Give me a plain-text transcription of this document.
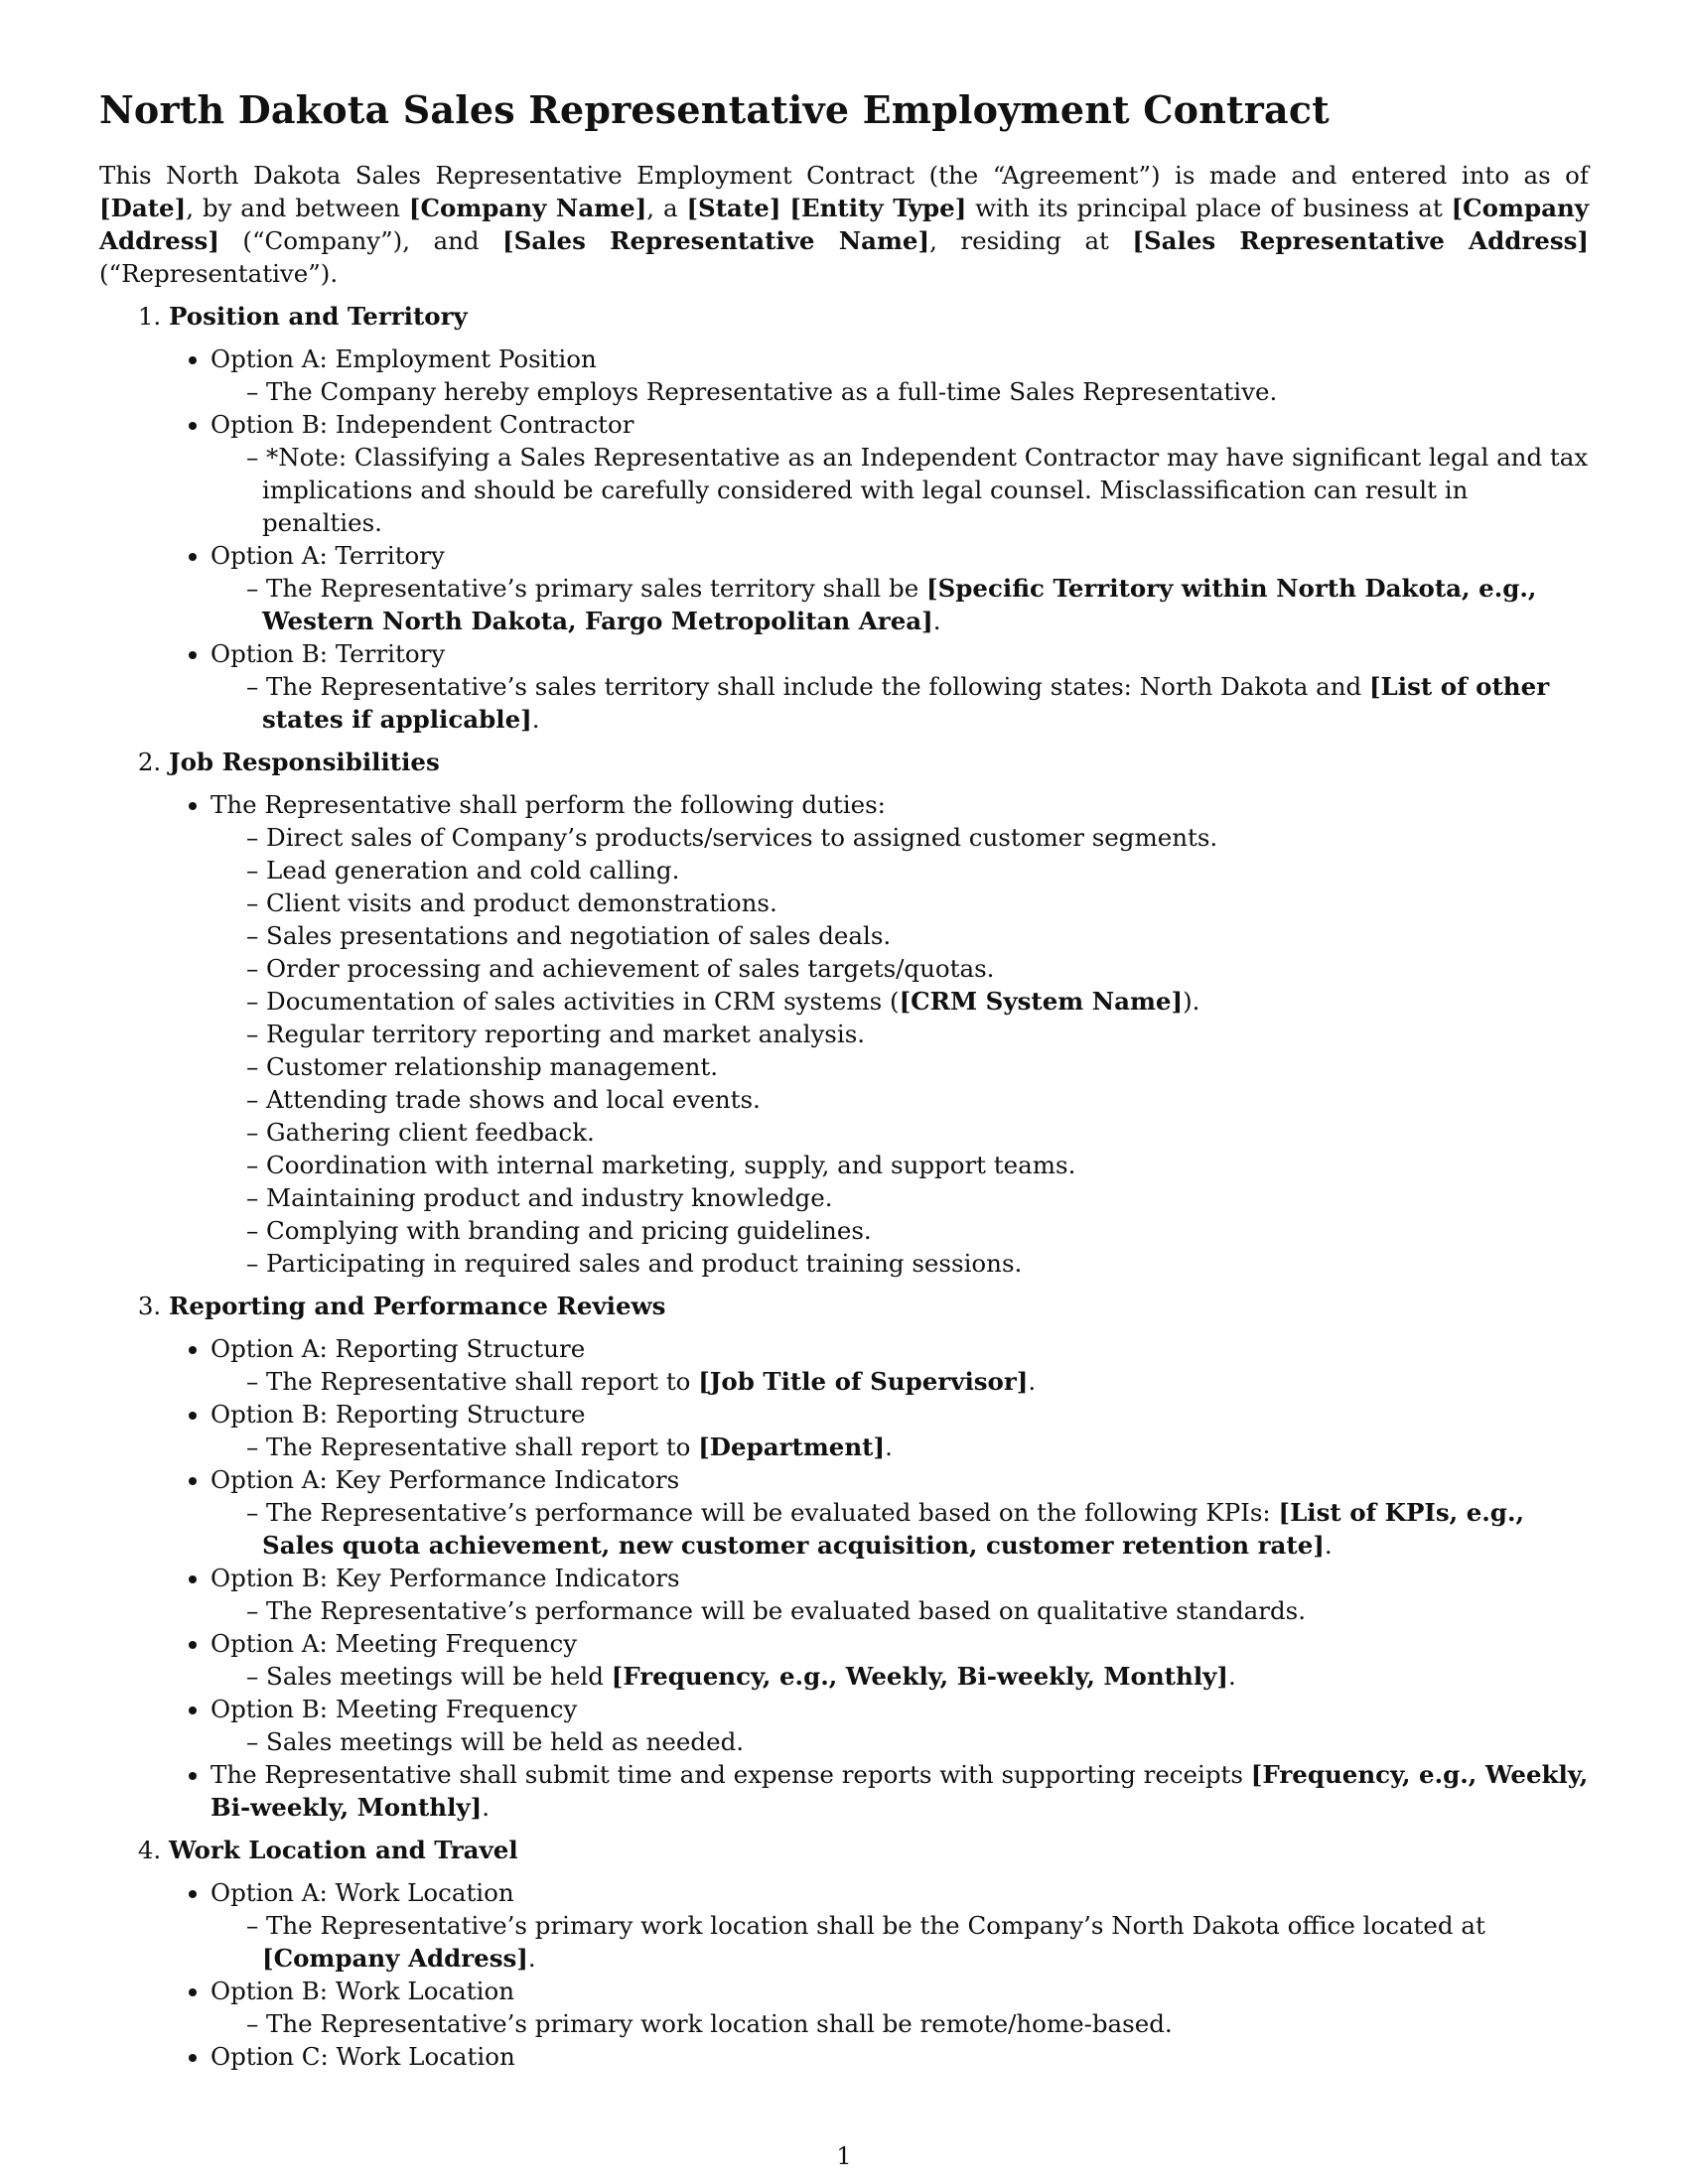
North Dakota Sales Representative Employment Contract

This North Dakota Sales Representative Employment Contract (the “Agreement”) is made and entered into as of [Date], by and between [Company Name], a [State] [Entity Type] with its principal place of business at [Company Address] (“Company”), and [Sales Representative Name], residing at [Sales Representative Address] (“Representative”).

1. Position and Territory
• Option A: Employment Position
– The Company hereby employs Representative as a full-time Sales Representative.
• Option B: Independent Contractor
– *Note: Classifying a Sales Representative as an Independent Contractor may have significant legal and tax implications and should be carefully considered with legal counsel. Misclassification can result in penalties.
• Option A: Territory
– The Representative’s primary sales territory shall be [Specific Territory within North Dakota, e.g., Western North Dakota, Fargo Metropolitan Area].
• Option B: Territory
– The Representative’s sales territory shall include the following states: North Dakota and [List of other states if applicable].
2. Job Responsibilities
• The Representative shall perform the following duties:
– Direct sales of Company’s products/services to assigned customer segments.
– Lead generation and cold calling.
– Client visits and product demonstrations.
– Sales presentations and negotiation of sales deals.
– Order processing and achievement of sales targets/quotas.
– Documentation of sales activities in CRM systems ([CRM System Name]).
– Regular territory reporting and market analysis.
– Customer relationship management.
– Attending trade shows and local events.
– Gathering client feedback.
– Coordination with internal marketing, supply, and support teams.
– Maintaining product and industry knowledge.
– Complying with branding and pricing guidelines.
– Participating in required sales and product training sessions.
3. Reporting and Performance Reviews
• Option A: Reporting Structure
– The Representative shall report to [Job Title of Supervisor].
• Option B: Reporting Structure
– The Representative shall report to [Department].
• Option A: Key Performance Indicators
– The Representative’s performance will be evaluated based on the following KPIs: [List of KPIs, e.g., Sales quota achievement, new customer acquisition, customer retention rate].
• Option B: Key Performance Indicators
– The Representative’s performance will be evaluated based on qualitative standards.
• Option A: Meeting Frequency
– Sales meetings will be held [Frequency, e.g., Weekly, Bi-weekly, Monthly].
• Option B: Meeting Frequency
– Sales meetings will be held as needed.
• The Representative shall submit time and expense reports with supporting receipts [Frequency, e.g., Weekly, Bi-weekly, Monthly].
4. Work Location and Travel
• Option A: Work Location
– The Representative’s primary work location shall be the Company’s North Dakota office located at [Company Address].
• Option B: Work Location
– The Representative’s primary work location shall be remote/home-based.
• Option C: Work Location
1
